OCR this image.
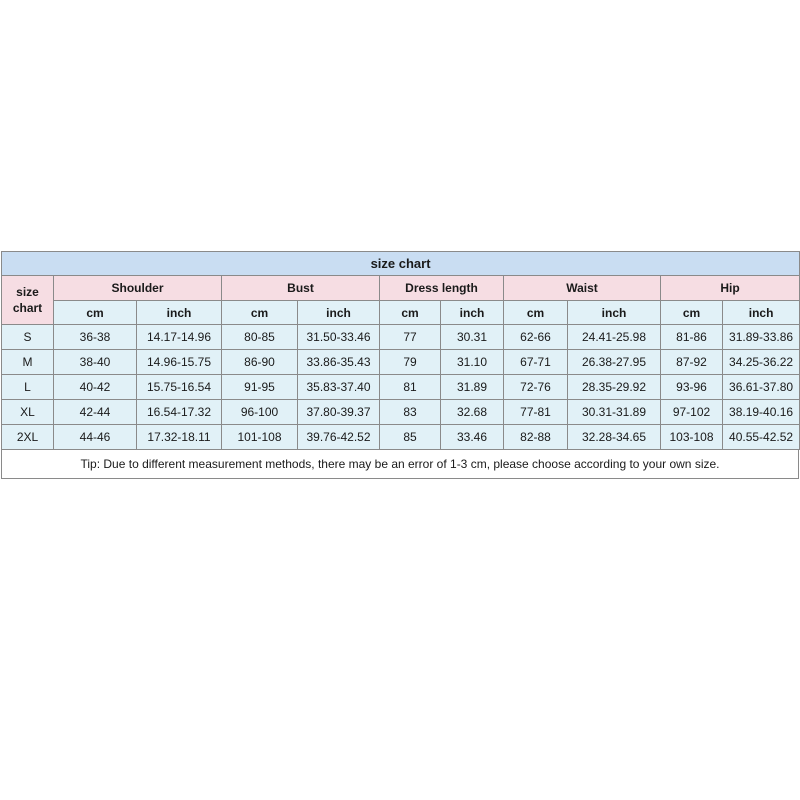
size chart										
size
chart	Shoulder		Bust		Dress length		Waist		Hip	
	cm	inch	cm	inch	cm	inch	cm	inch	cm	inch
S	36-38	14.17-14.96	80-85	31.50-33.46	77	30.31	62-66	24.41-25.98	81-86	31.89-33.86
M	38-40	14.96-15.75	86-90	33.86-35.43	79	31.10	67-71	26.38-27.95	87-92	34.25-36.22
L	40-42	15.75-16.54	91-95	35.83-37.40	81	31.89	72-76	28.35-29.92	93-96	36.61-37.80
XL	42-44	16.54-17.32	96-100	37.80-39.37	83	32.68	77-81	30.31-31.89	97-102	38.19-40.16
2XL	44-46	17.32-18.11	101-108	39.76-42.52	85	33.46	82-88	32.28-34.65	103-108	40.55-42.52
Tip: Due to different measurement methods, there may be an error of 1-3 cm, please choose according to your own size.
